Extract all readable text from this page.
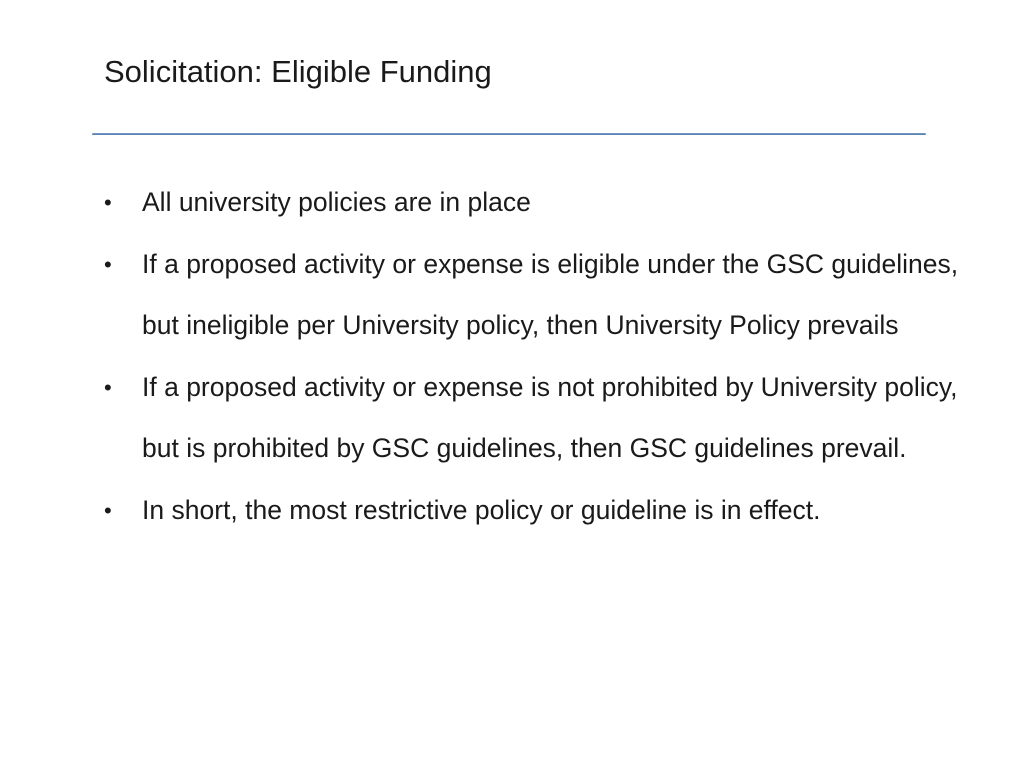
Solicitation: Eligible Funding
•	All university policies are in place
•	If a proposed activity or expense is eligible under the GSC guidelines, but ineligible per University policy, then University Policy prevails
•	If a proposed activity or expense is not prohibited by University policy, but is prohibited by GSC guidelines, then GSC guidelines prevail.
•	In short, the most restrictive policy or guideline is in effect.
